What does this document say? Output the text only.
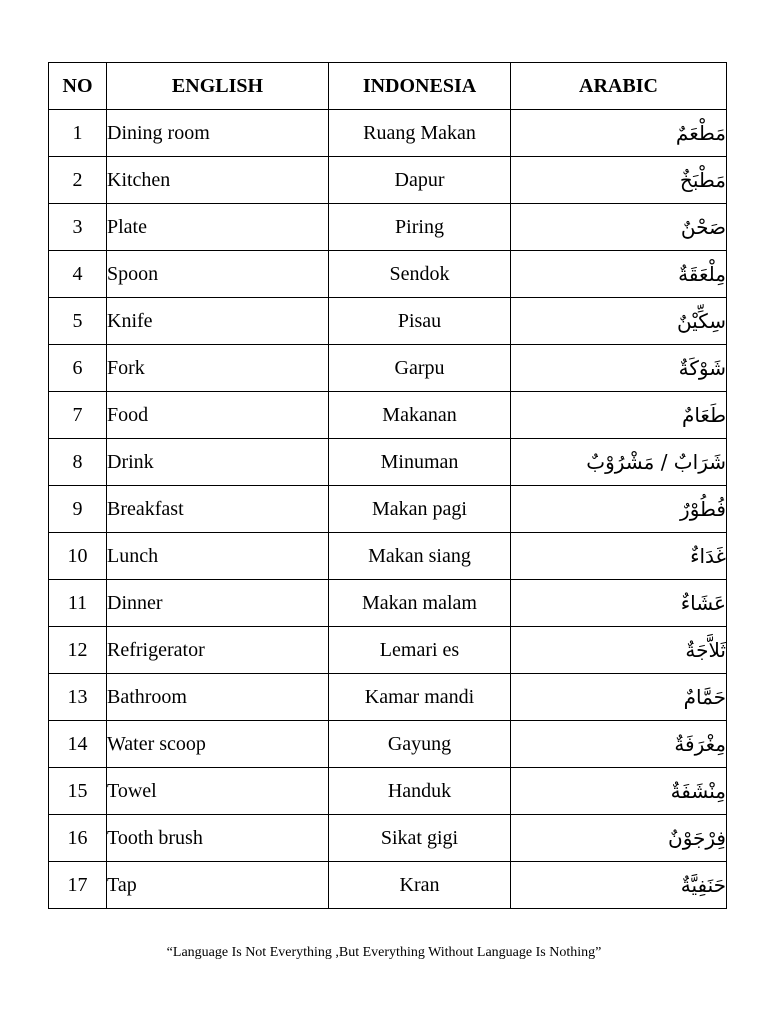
NO	ENGLISH	INDONESIA	ARABIC
1	Dining room	Ruang Makan	مَطْعَمٌ
2	Kitchen	Dapur	مَطْبَخٌ
3	Plate	Piring	صَحْنٌ
4	Spoon	Sendok	مِلْعَقَةٌ
5	Knife	Pisau	سِكِّيْنٌ
6	Fork	Garpu	شَوْكَةٌ
7	Food	Makanan	طَعَامٌ
8	Drink	Minuman	شَرَابٌ / مَشْرُوْبٌ
9	Breakfast	Makan pagi	فُطُوْرٌ
10	Lunch	Makan siang	غَدَاءٌ
11	Dinner	Makan malam	عَشَاءٌ
12	Refrigerator	Lemari es	ثَلاَّجَةٌ
13	Bathroom	Kamar mandi	حَمَّامٌ
14	Water scoop	Gayung	مِغْرَفَةٌ
15	Towel	Handuk	مِنْشَفَةٌ
16	Tooth brush	Sikat gigi	فِرْجَوْنٌ
17	Tap	Kran	حَنَفِيَّةٌ
“Language Is Not Everything ,But Everything Without Language Is Nothing”
